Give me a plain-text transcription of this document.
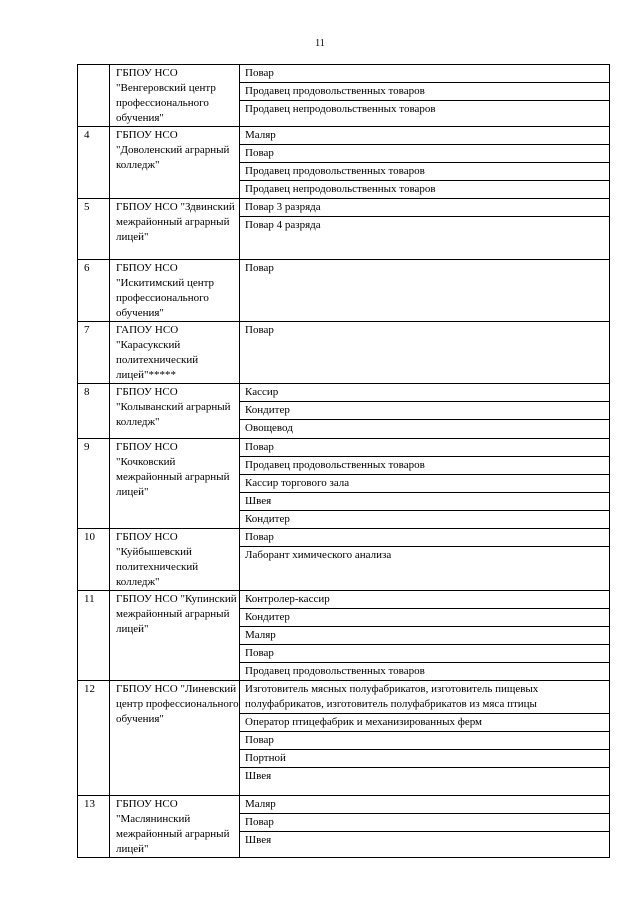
11
	ГБПОУ НСО "Венгеровский центр профессионального обучения"	Повар
Продавец продовольственных товаров
Продавец непродовольственных товаров

4	ГБПОУ НСО "Доволенский аграрный колледж"	Маляр
Повар
Продавец продовольственных товаров
Продавец непродовольственных товаров

5	ГБПОУ НСО "Здвинский межрайонный аграрный лицей"	Повар 3 разряда
Повар 4 разряда

6	ГБПОУ НСО "Искитимский центр профессионального обучения"	Повар

7	ГАПОУ НСО "Карасукский политехнический лицей"*****	Повар

8	ГБПОУ НСО "Колыванский аграрный колледж"	Кассир
Кондитер
Овощевод

9	ГБПОУ НСО "Кочковский межрайонный аграрный лицей"	Повар
Продавец продовольственных товаров
Кассир торгового зала
Швея
Кондитер

10	ГБПОУ НСО "Куйбышевский политехнический колледж"	Повар
Лаборант химического анализа

11	ГБПОУ НСО "Купинский межрайонный аграрный лицей"	Контролер-кассир
Кондитер
Маляр
Повар
Продавец продовольственных товаров

12	ГБПОУ НСО "Линевский центр профессионального обучения"	Изготовитель мясных полуфабрикатов, изготовитель пищевых полуфабрикатов, изготовитель полуфабрикатов из мяса птицы
Оператор птицефабрик и механизированных ферм
Повар
Портной
Швея

13	ГБПОУ НСО "Маслянинский межрайонный аграрный лицей"	Маляр
Повар
Швея
